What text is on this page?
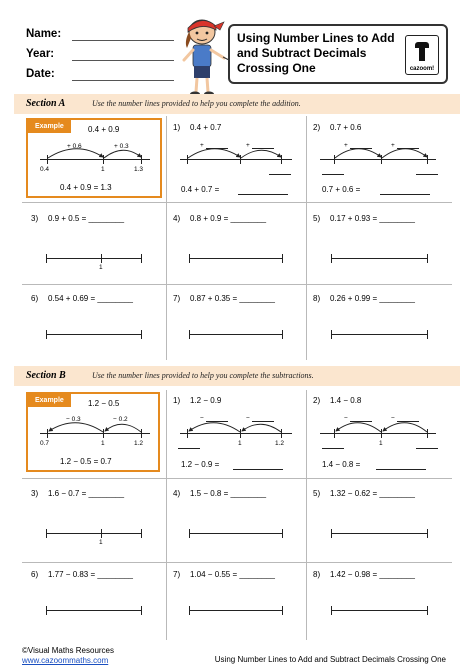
Name:
Year:
Date:
Using Number Lines to Add and Subtract Decimals Crossing One	cazoom!
Section A	Use the number lines provided to help you complete the addition.
Example	0.4 + 0.9
+ 0.6	+ 0.3
0.4	1	1.3
0.4 + 0.9 = 1.3
1) 0.4 + 0.7
+	+
0.4 + 0.7 =
2) 0.7 + 0.6
+	+
0.7 + 0.6 =
3) 0.9 + 0.5 = ________
1
4) 0.8 + 0.9 = ________	5) 0.17 + 0.93 = ________
6) 0.54 + 0.69 = ________	7) 0.87 + 0.35 = ________	8) 0.26 + 0.99 = ________
Section B	Use the number lines provided to help you complete the subtractions.
Example	1.2 − 0.5
− 0.3	− 0.2
0.7	1	1.2
1.2 − 0.5 = 0.7
1) 1.2 − 0.9
−	−
1	1.2
1.2 − 0.9 =
2) 1.4 − 0.8
−	−
1
1.4 − 0.8 =
3) 1.6 − 0.7 = ________
1
4) 1.5 − 0.8 = ________	5) 1.32 − 0.62 = ________
6) 1.77 − 0.83 = ________	7) 1.04 − 0.55 = ________	8) 1.42 − 0.98 = ________
©Visual Maths Resources
www.cazoommaths.com	Using Number Lines to Add and Subtract Decimals Crossing One
